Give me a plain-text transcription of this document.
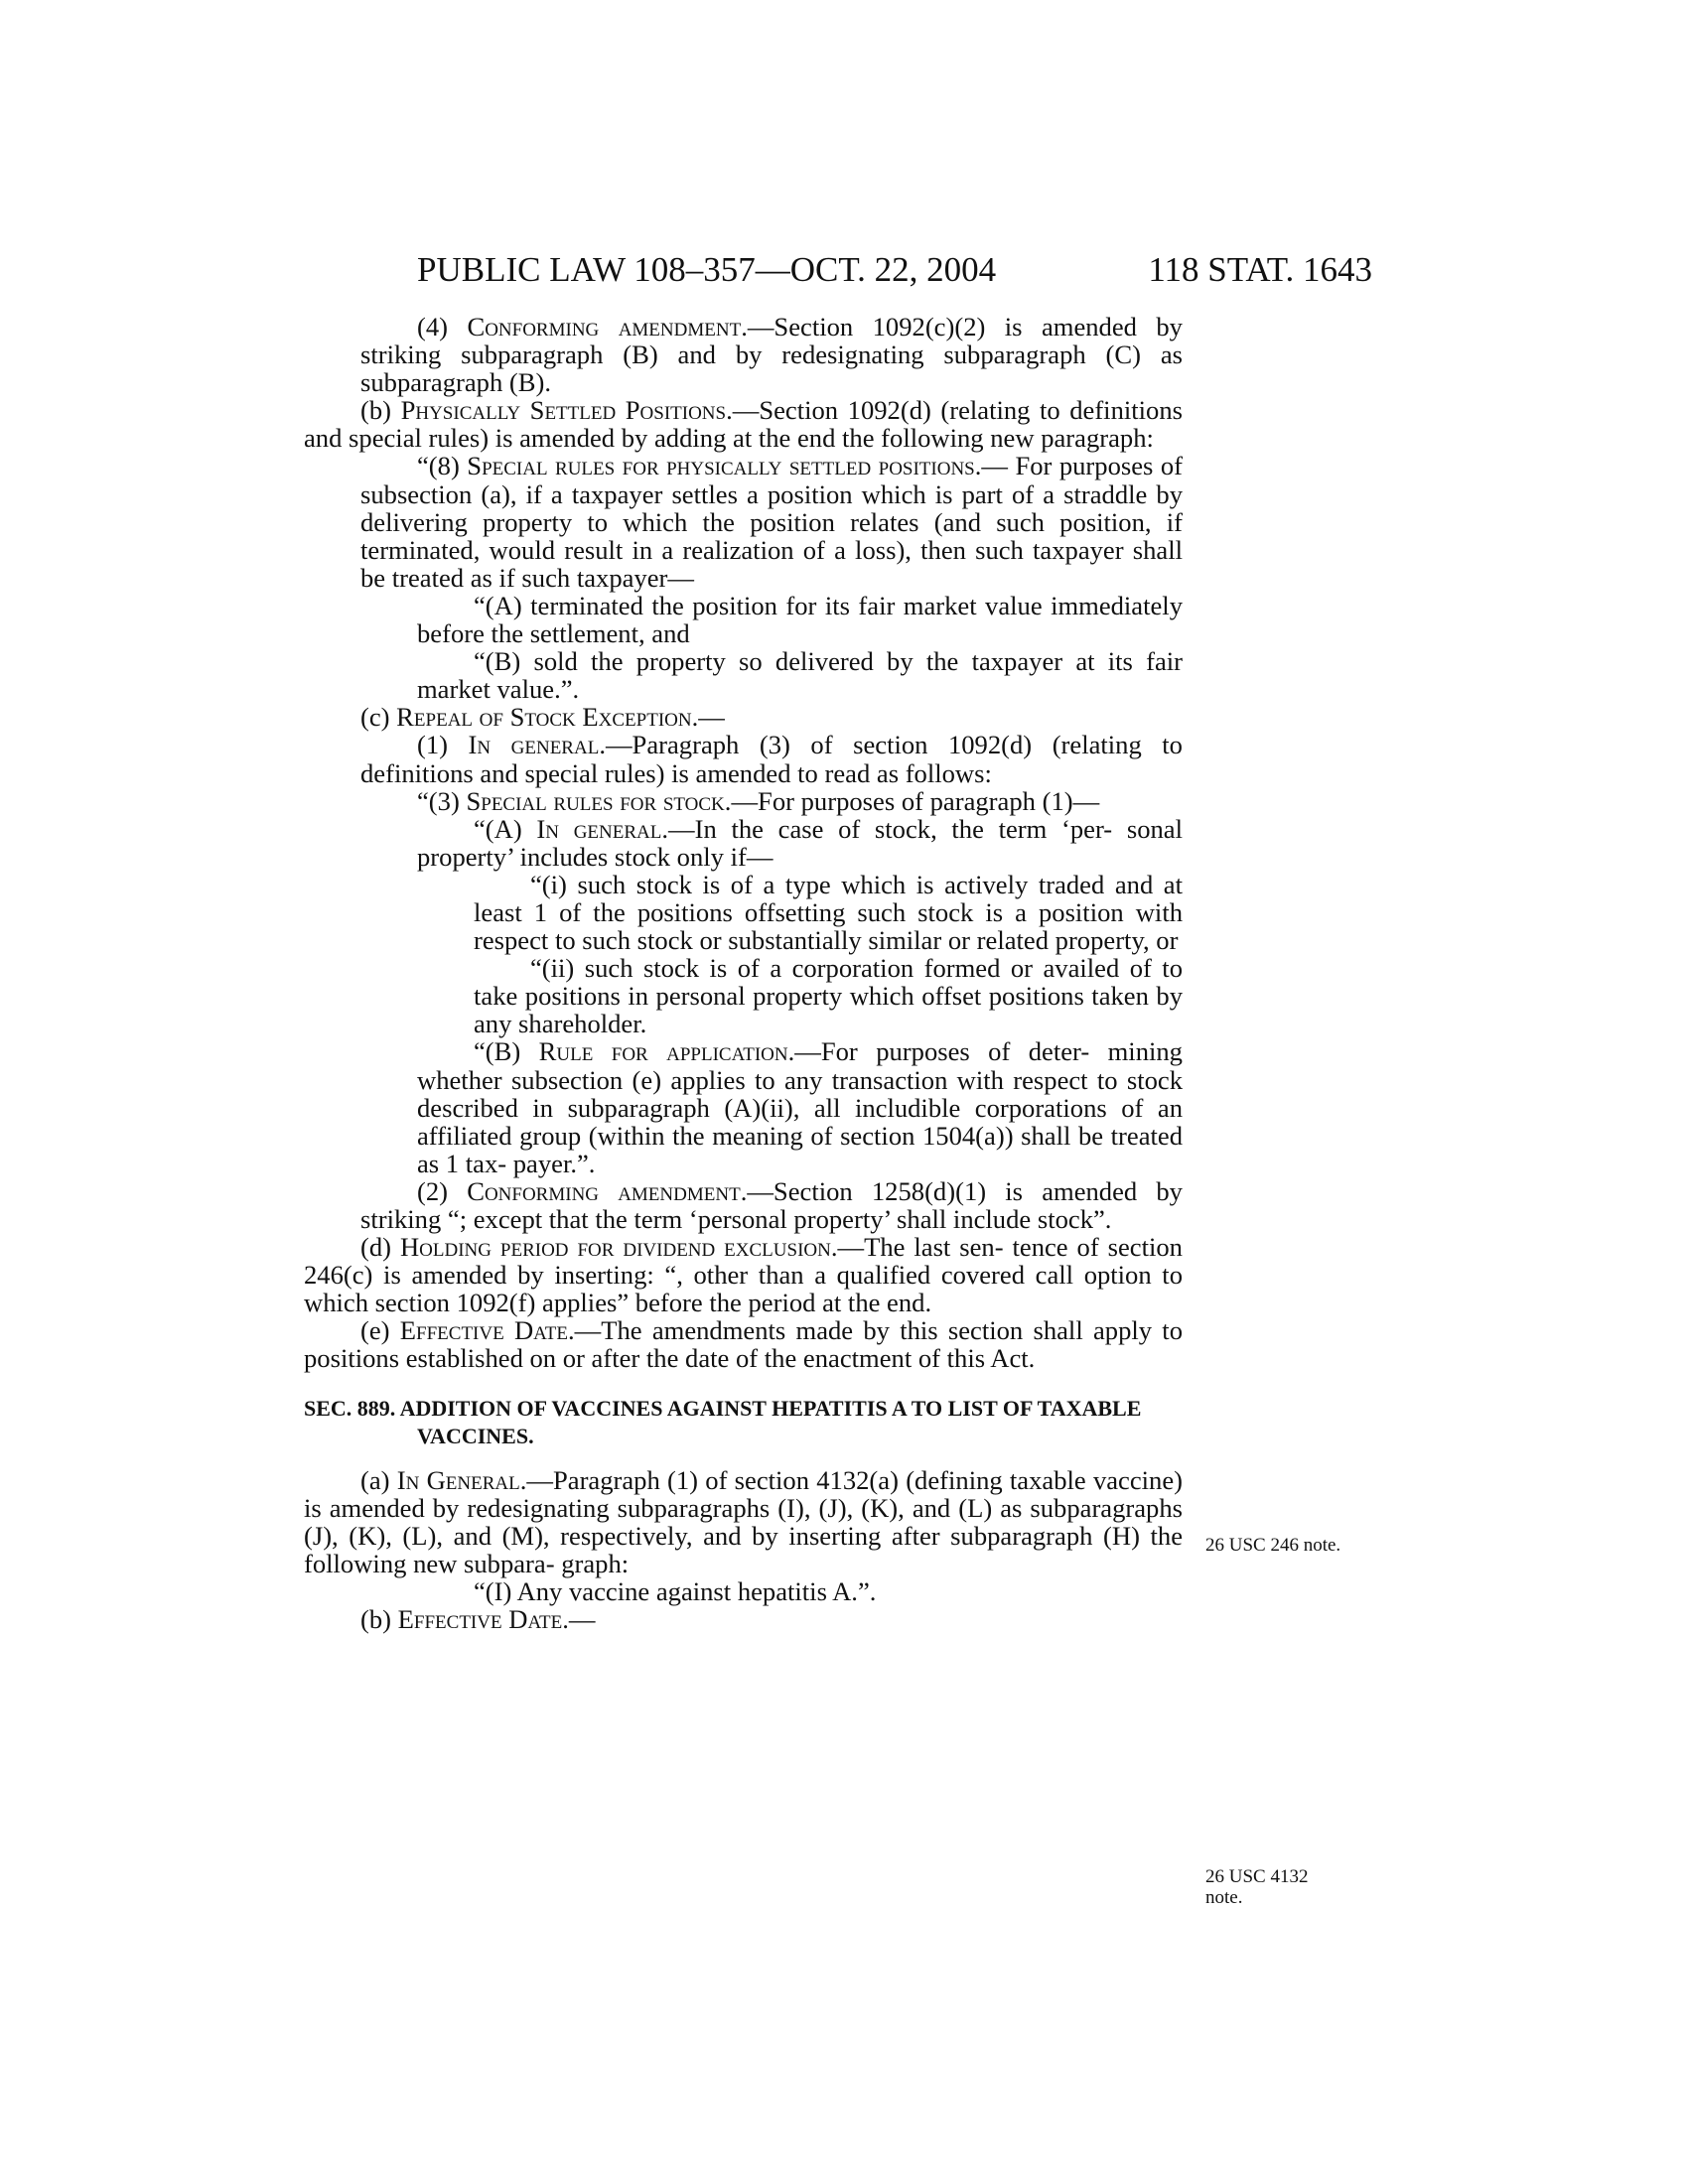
PUBLIC LAW 108–357—OCT. 22, 2004	118 STAT. 1643
(4) Conforming amendment.—Section 1092(c)(2) is amended by striking subparagraph (B) and by redesignating subparagraph (C) as subparagraph (B).
(b) Physically Settled Positions.—Section 1092(d) (relating to definitions and special rules) is amended by adding at the end the following new paragraph:
“(8) Special rules for physically settled positions.— For purposes of subsection (a), if a taxpayer settles a position which is part of a straddle by delivering property to which the position relates (and such position, if terminated, would result in a realization of a loss), then such taxpayer shall be treated as if such taxpayer—
“(A) terminated the position for its fair market value immediately before the settlement, and
“(B) sold the property so delivered by the taxpayer at its fair market value.”.
(c) Repeal of Stock Exception.—
(1) In general.—Paragraph (3) of section 1092(d) (relating to definitions and special rules) is amended to read as follows:
“(3) Special rules for stock.—For purposes of paragraph (1)—
“(A) In general.—In the case of stock, the term ‘per- sonal property’ includes stock only if—
“(i) such stock is of a type which is actively traded and at least 1 of the positions offsetting such stock is a position with respect to such stock or substantially similar or related property, or
“(ii) such stock is of a corporation formed or availed of to take positions in personal property which offset positions taken by any shareholder.
“(B) Rule for application.—For purposes of deter- mining whether subsection (e) applies to any transaction with respect to stock described in subparagraph (A)(ii), all includible corporations of an affiliated group (within the meaning of section 1504(a)) shall be treated as 1 tax- payer.”.
(2) Conforming amendment.—Section 1258(d)(1) is amended by striking “; except that the term ‘personal property’ shall include stock”.
(d) Holding period for dividend exclusion.—The last sen- tence of section 246(c) is amended by inserting: “, other than a qualified covered call option to which section 1092(f) applies” before the period at the end.
(e) Effective Date.—The amendments made by this section shall apply to positions established on or after the date of the enactment of this Act.
SEC. 889. ADDITION OF VACCINES AGAINST HEPATITIS A TO LIST OF TAXABLE VACCINES.
(a) In General.—Paragraph (1) of section 4132(a) (defining taxable vaccine) is amended by redesignating subparagraphs (I), (J), (K), and (L) as subparagraphs (J), (K), (L), and (M), respectively, and by inserting after subparagraph (H) the following new subpara- graph:
“(I) Any vaccine against hepatitis A.”.
(b) Effective Date.—
26 USC 246 note.
26 USC 4132 note.
